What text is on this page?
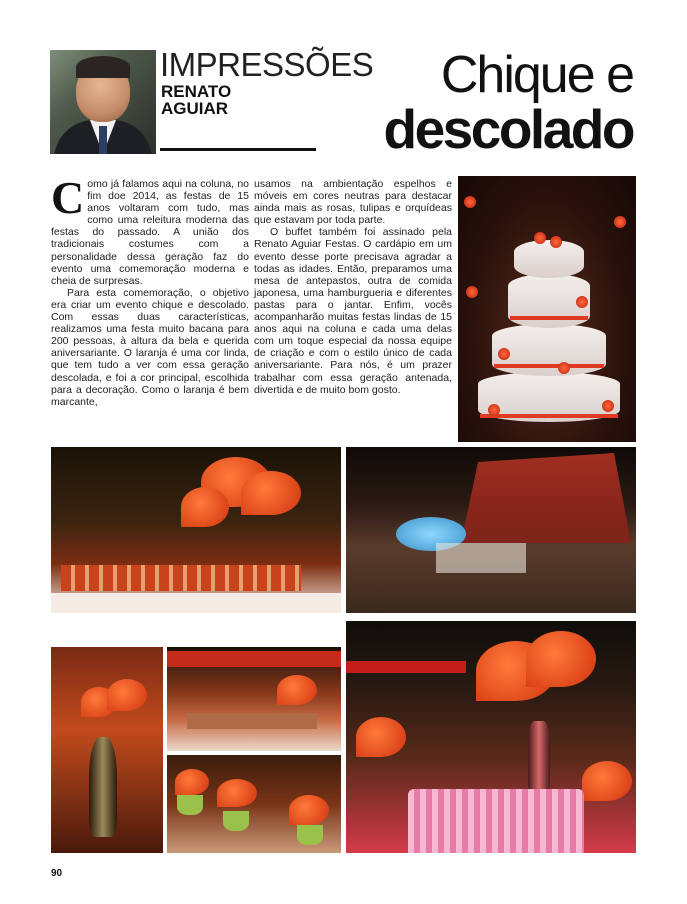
IMPRESSÕES
RENATO AGUIAR
Chique e
descolado

Como já falamos aqui na coluna, no fim doe 2014, as festas de 15 anos voltaram com tudo, mas como uma releitura moderna das festas do passado. A união dos tradicionais costumes com a personalidade dessa geração faz do evento uma comemoração moderna e cheia de surpresas.

Para esta comemoração, o objetivo era criar um evento chique e descolado. Com essas duas características, realizamos uma festa muito bacana para 200 pessoas, à altura da bela e querida aniversariante. O laranja é uma cor linda, que tem tudo a ver com essa geração descolada, e foi a cor principal, escolhida para a decoração. Como o laranja é bem marcante,

usamos na ambientação espelhos e móveis em cores neutras para destacar ainda mais as rosas, tulipas e orquídeas que estavam por toda parte.

O buffet também foi assinado pela Renato Aguiar Festas. O cardápio em um evento desse porte precisava agradar a todas as idades. Então, preparamos uma mesa de antepastos, outra de comida japonesa, uma hamburgueria e diferentes pastas para o jantar. Enfim, vocês acompanharão muitas festas lindas de 15 anos aqui na coluna e cada uma delas com um toque especial da nossa equipe de criação e com o estilo único de cada aniversariante. Para nós, é um prazer trabalhar com essa geração antenada, divertida e de muito bom gosto.

90
